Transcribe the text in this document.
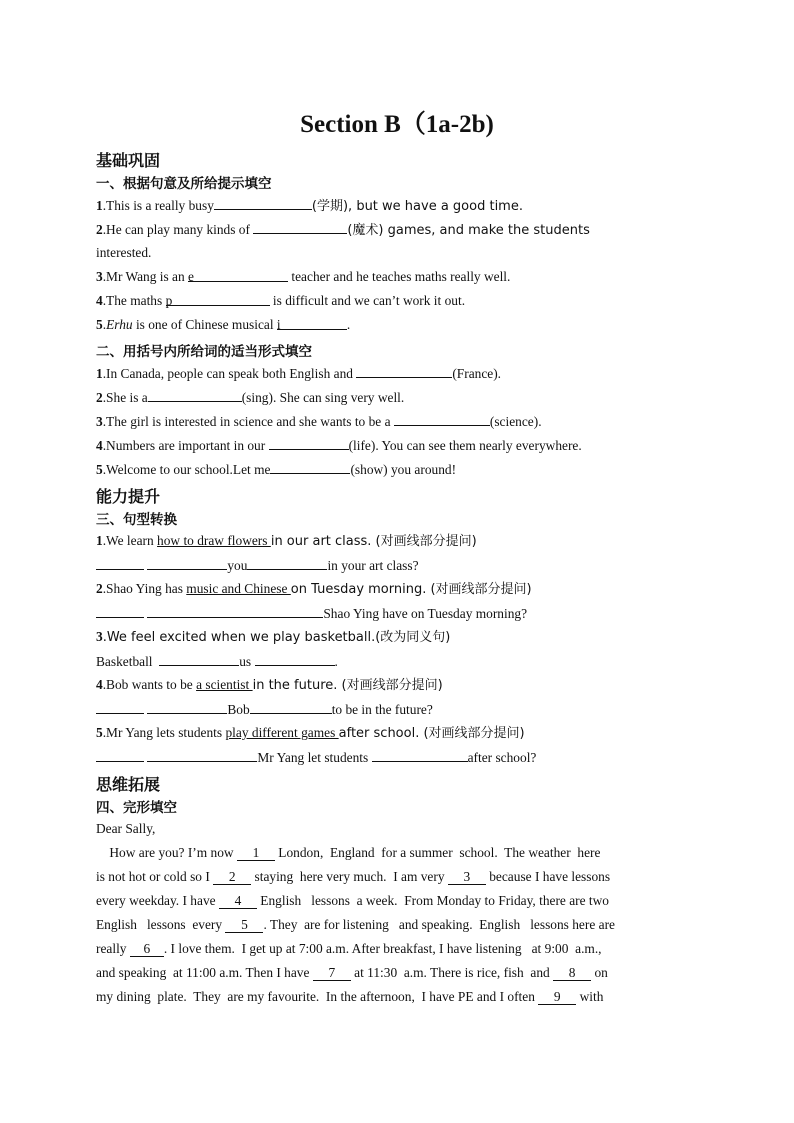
Section B（1a-2b)
基础巩固
一、根据句意及所给提示填空
1.This is a really busy	(学期), but we have a good time.
2.He can play many kinds of	(魔术) games, and make the students
interested.
3.Mr Wang is an e	teacher and he teaches maths really well.
4.The maths p	is difficult and we can’t work it out.
5.Erhu is one of Chinese musical i	.
二、用括号内所给词的适当形式填空
1.In Canada, people can speak both English and	(France).
2.She is a	(sing). She can sing very well.
3.The girl is interested in science and she wants to be a	(science).
4.Numbers are important in our	(life). You can see them nearly everywhere.
5.Welcome to our school.Let me	(show) you around!
能力提升
三、句型转换
1.We learn how to draw flowers in our art class. (对画线部分提问)
you	in your art class?
2.Shao Ying has music and Chinese on Tuesday morning. (对画线部分提问)
Shao Ying have on Tuesday morning?
3.We feel excited when we play basketball.(改为同义句)
Basketball	us	.
4.Bob wants to be a scientist in the future. (对画线部分提问)
Bob	to be in the future?
5.Mr Yang lets students play different games after school. (对画线部分提问)
Mr Yang let students	after school?
思维拓展
四、完形填空
Dear Sally,
How are you? I’m now 1 London,  England  for a summer  school.  The weather  here
is not hot or cold so I 2 staying  here very much.  I am very 3 because I have lessons
every weekday. I have 4 English   lessons  a week.  From Monday to Friday, there are two
English   lessons  every 5 . They  are for listening   and speaking.  English   lessons here are
really 6 . I love them.  I get up at 7:00 a.m. After breakfast, I have listening   at 9:00  a.m.,
and speaking  at 11:00 a.m. Then I have 7 at 11:30  a.m. There is rice, fish  and 8 on
my dining  plate.  They  are my favourite.  In the afternoon,  I have PE and I often 9 with
